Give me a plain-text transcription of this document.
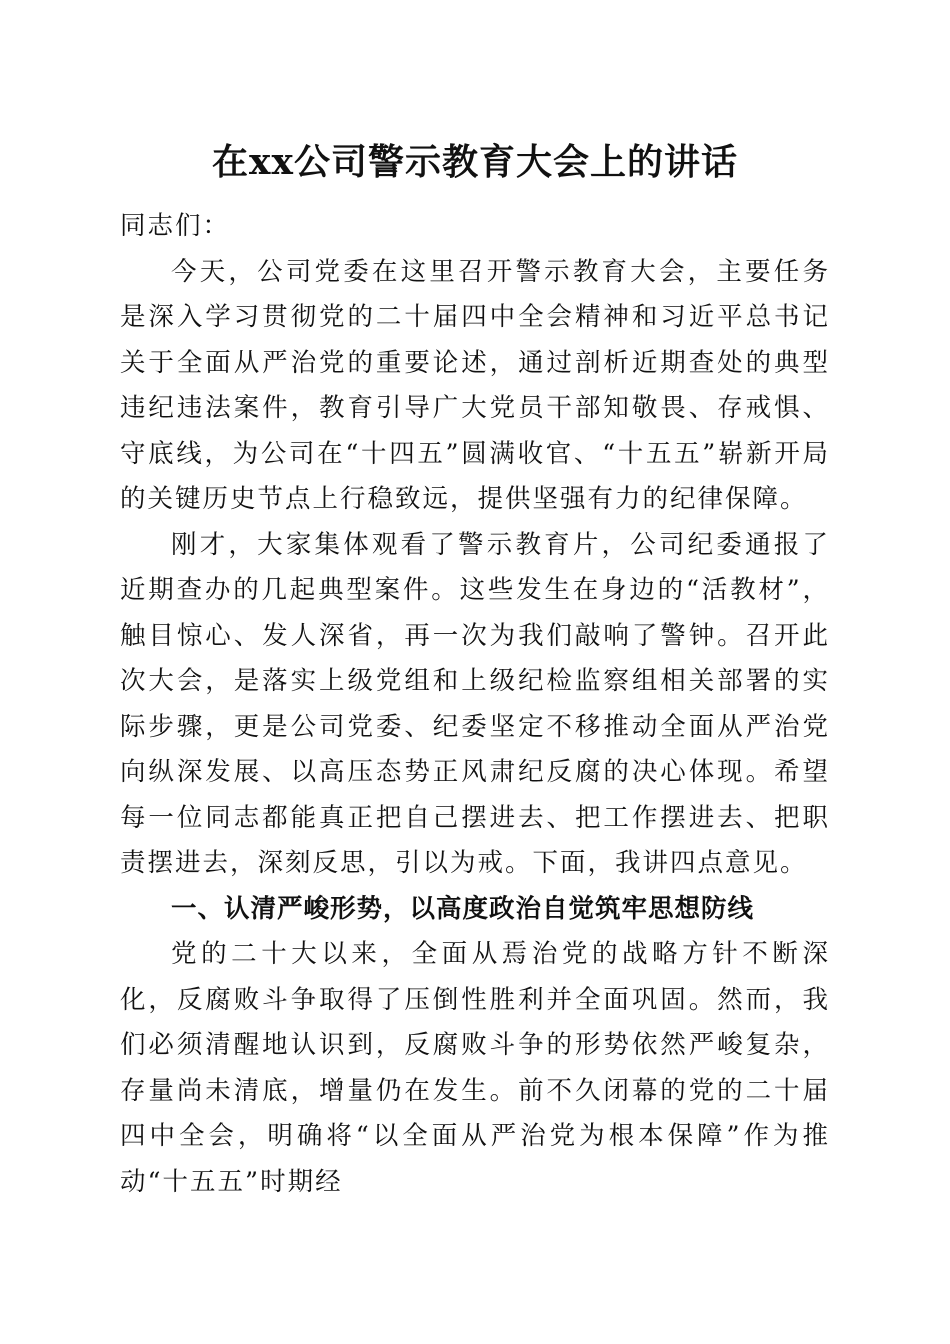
在xx公司警示教育大会上的讲话

同志们：

今天，公司党委在这里召开警示教育大会，主要任务是深入学习贯彻党的二十届四中全会精神和习近平总书记关于全面从严治党的重要论述，通过剖析近期查处的典型违纪违法案件，教育引导广大党员干部知敬畏、存戒惧、守底线，为公司在“十四五”圆满收官、“十五五”崭新开局的关键历史节点上行稳致远，提供坚强有力的纪律保障。

刚才，大家集体观看了警示教育片，公司纪委通报了近期查办的几起典型案件。这些发生在身边的“活教材”，触目惊心、发人深省，再一次为我们敲响了警钟。召开此次大会，是落实上级党组和上级纪检监察组相关部署的实际步骤，更是公司党委、纪委坚定不移推动全面从严治党向纵深发展、以高压态势正风肃纪反腐的决心体现。希望每一位同志都能真正把自己摆进去、把工作摆进去、把职责摆进去，深刻反思，引以为戒。下面，我讲四点意见。

一、认清严峻形势，以高度政治自觉筑牢思想防线

党的二十大以来，全面从焉治党的战略方针不断深化，反腐败斗争取得了压倒性胜利并全面巩固。然而，我们必须清醒地认识到，反腐败斗争的形势依然严峻复杂，存量尚未清底，增量仍在发生。前不久闭幕的党的二十届四中全会，明确将“以全面从严治党为根本保障”作为推动“十五五”时期经
